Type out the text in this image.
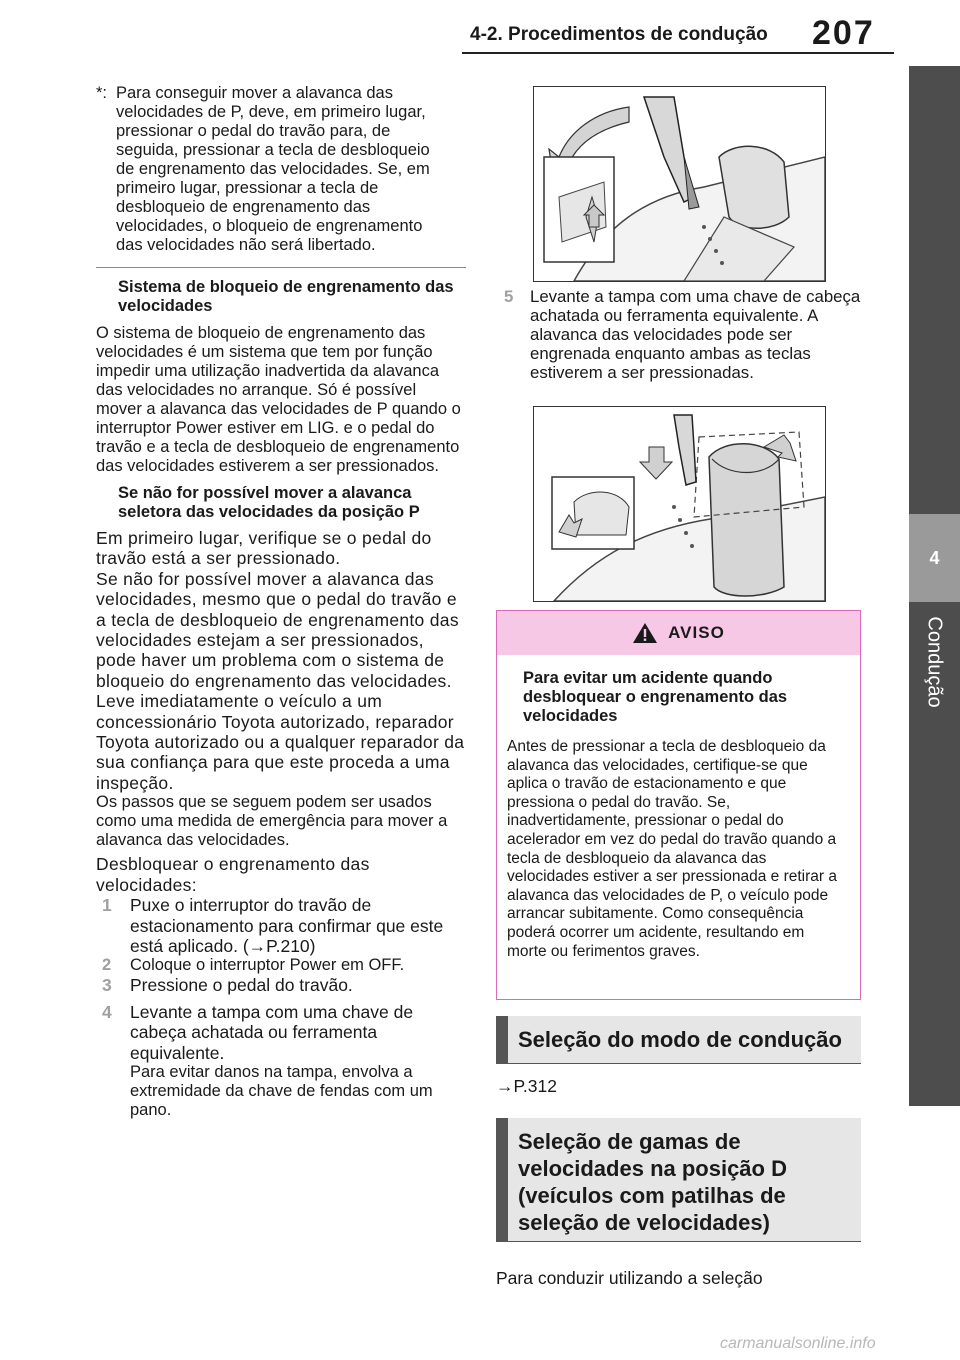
4-2. Procedimentos de condução 207
4
Condução
*: Para conseguir mover a alavanca das velocidades de P, deve, em primeiro lugar, pressionar o pedal do travão para, de seguida, pressionar a tecla de desbloqueio de engrenamento das velocidades. Se, em primeiro lugar, pressionar a tecla de desbloqueio de engrenamento das velocidades, o bloqueio de engrenamento das velocidades não será libertado.
Sistema de bloqueio de engrenamento das velocidades
O sistema de bloqueio de engrenamento das velocidades é um sistema que tem por função impedir uma utilização inadvertida da alavanca das velocidades no arranque. Só é possível mover a alavanca das velocidades de P quando o interruptor Power estiver em LIG. e o pedal do travão e a tecla de desbloqueio de engrenamento das velocidades estiverem a ser pressionados.
Se não for possível mover a alavanca seletora das velocidades da posição P
Em primeiro lugar, verifique se o pedal do travão está a ser pressionado.
Se não for possível mover a alavanca das velocidades, mesmo que o pedal do travão e a tecla de desbloqueio de engrenamento das velocidades estejam a ser pressionados, pode haver um problema com o sistema de bloqueio do engrenamento das velocidades.
Leve imediatamente o veículo a um concessionário Toyota autorizado, reparador Toyota autorizado ou a qualquer reparador da sua confiança para que este proceda a uma inspeção.
Os passos que se seguem podem ser usados como uma medida de emergência para mover a alavanca das velocidades.
Desbloquear o engrenamento das velocidades:
1	Puxe o interruptor do travão de estacionamento para confirmar que este está aplicado. (→P.210)
2	Coloque o interruptor Power em OFF.
3	Pressione o pedal do travão.
4	Levante a tampa com uma chave de cabeça achatada ou ferramenta equivalente.
Para evitar danos na tampa, envolva a extremidade da chave de fendas com um pano.
5 Levante a tampa com uma chave de cabeça achatada ou ferramenta equivalente. A alavanca das velocidades pode ser engrenada enquanto ambas as teclas estiverem a ser pressionadas.
AVISO
Para evitar um acidente quando desbloquear o engrenamento das velocidades
Antes de pressionar a tecla de desbloqueio da alavanca das velocidades, certifique-se que aplica o travão de estacionamento e que pressiona o pedal do travão. Se, inadvertidamente, pressionar o pedal do acelerador em vez do pedal do travão quando a tecla de desbloqueio da alavanca das velocidades estiver a ser pressionada e retirar a alavanca das velocidades de P, o veículo pode arrancar subitamente. Como consequência poderá ocorrer um acidente, resultando em morte ou ferimentos graves.
Seleção do modo de condução
→P.312
Seleção de gamas de velocidades na posição D (veículos com patilhas de seleção de velocidades)
Para conduzir utilizando a seleção
carmanualsonline.info
